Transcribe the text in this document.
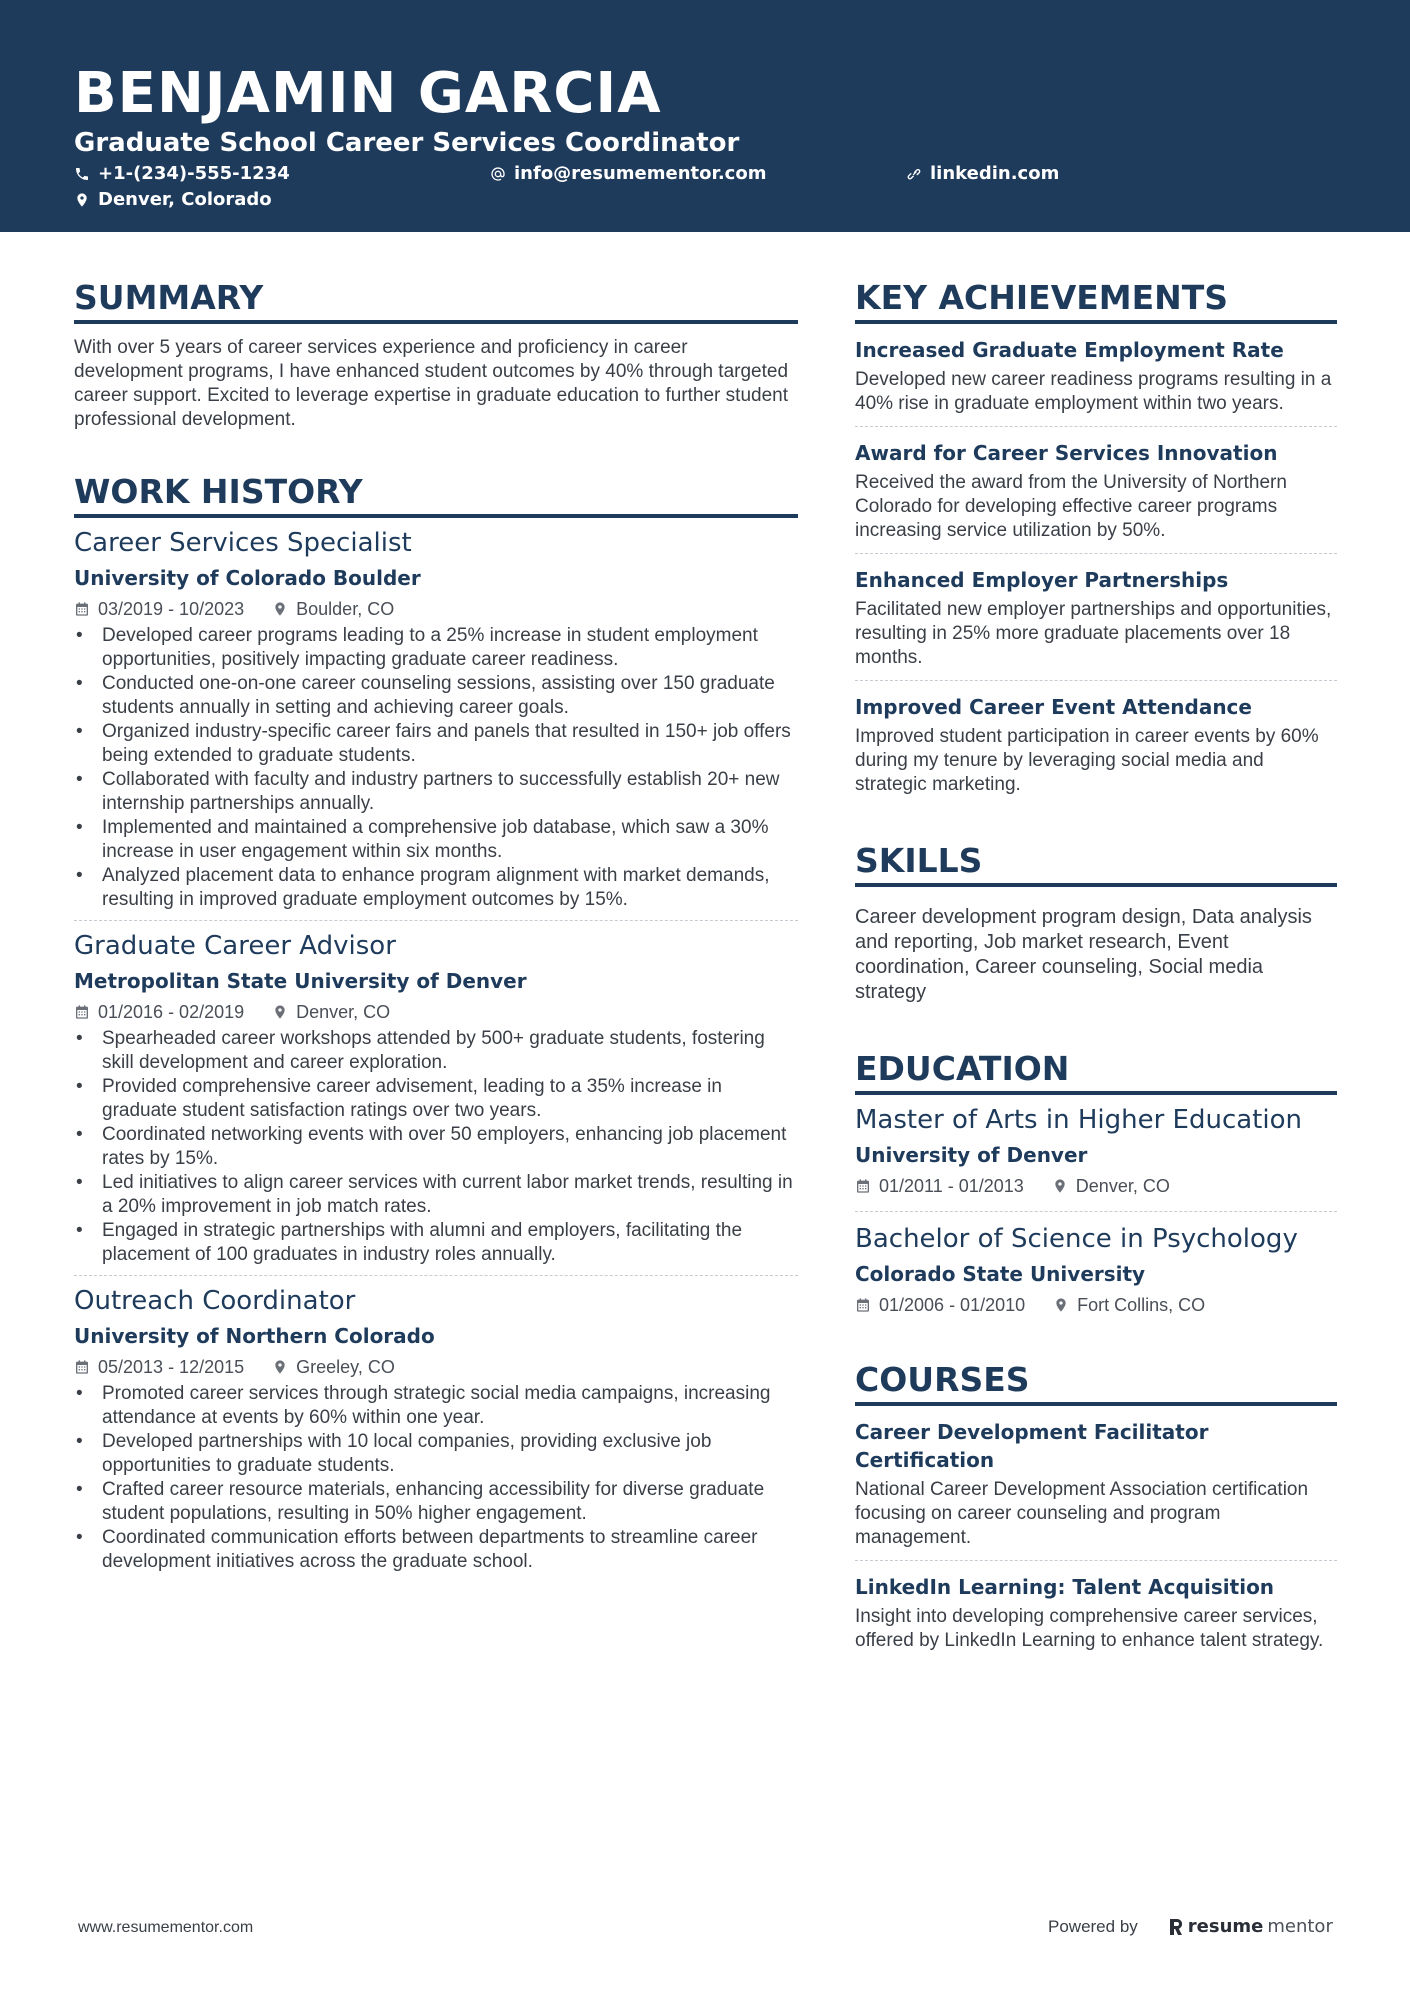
BENJAMIN GARCIA
Graduate School Career Services Coordinator
+1-(234)-555-1234	info@resumementor.com	linkedin.com
Denver, Colorado
SUMMARY
With over 5 years of career services experience and proficiency in career development programs, I have enhanced student outcomes by 40% through targeted career support. Excited to leverage expertise in graduate education to further student professional development.
WORK HISTORY
Career Services Specialist
University of Colorado Boulder
03/2019 - 10/2023	Boulder, CO
• Developed career programs leading to a 25% increase in student employment opportunities, positively impacting graduate career readiness.
• Conducted one-on-one career counseling sessions, assisting over 150 graduate students annually in setting and achieving career goals.
• Organized industry-specific career fairs and panels that resulted in 150+ job offers being extended to graduate students.
• Collaborated with faculty and industry partners to successfully establish 20+ new internship partnerships annually.
• Implemented and maintained a comprehensive job database, which saw a 30% increase in user engagement within six months.
• Analyzed placement data to enhance program alignment with market demands, resulting in improved graduate employment outcomes by 15%.
Graduate Career Advisor
Metropolitan State University of Denver
01/2016 - 02/2019	Denver, CO
• Spearheaded career workshops attended by 500+ graduate students, fostering skill development and career exploration.
• Provided comprehensive career advisement, leading to a 35% increase in graduate student satisfaction ratings over two years.
• Coordinated networking events with over 50 employers, enhancing job placement rates by 15%.
• Led initiatives to align career services with current labor market trends, resulting in a 20% improvement in job match rates.
• Engaged in strategic partnerships with alumni and employers, facilitating the placement of 100 graduates in industry roles annually.
Outreach Coordinator
University of Northern Colorado
05/2013 - 12/2015	Greeley, CO
• Promoted career services through strategic social media campaigns, increasing attendance at events by 60% within one year.
• Developed partnerships with 10 local companies, providing exclusive job opportunities to graduate students.
• Crafted career resource materials, enhancing accessibility for diverse graduate student populations, resulting in 50% higher engagement.
• Coordinated communication efforts between departments to streamline career development initiatives across the graduate school.
KEY ACHIEVEMENTS
Increased Graduate Employment Rate
Developed new career readiness programs resulting in a 40% rise in graduate employment within two years.
Award for Career Services Innovation
Received the award from the University of Northern Colorado for developing effective career programs increasing service utilization by 50%.
Enhanced Employer Partnerships
Facilitated new employer partnerships and opportunities, resulting in 25% more graduate placements over 18 months.
Improved Career Event Attendance
Improved student participation in career events by 60% during my tenure by leveraging social media and strategic marketing.
SKILLS
Career development program design, Data analysis and reporting, Job market research, Event coordination, Career counseling, Social media strategy
EDUCATION
Master of Arts in Higher Education
University of Denver
01/2011 - 01/2013	Denver, CO
Bachelor of Science in Psychology
Colorado State University
01/2006 - 01/2010	Fort Collins, CO
COURSES
Career Development Facilitator Certification
National Career Development Association certification focusing on career counseling and program management.
LinkedIn Learning: Talent Acquisition
Insight into developing comprehensive career services, offered by LinkedIn Learning to enhance talent strategy.
www.resumementor.com	Powered by	resume mentor
